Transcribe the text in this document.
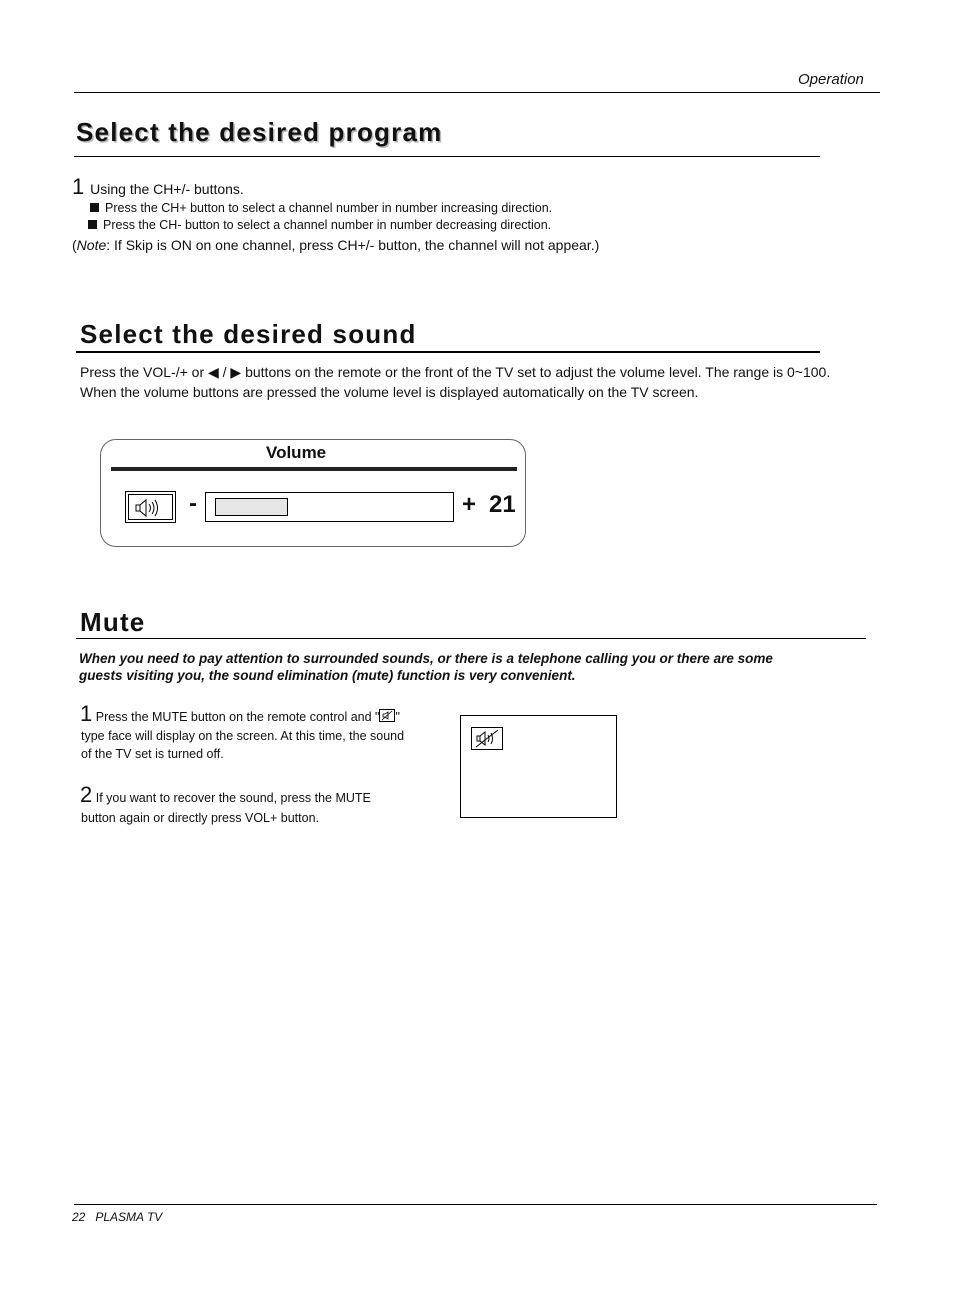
Operation
Select the desired program
1 Using the CH+/- buttons.
Press the CH+ button to select a channel number in number increasing direction.
Press the CH- button to select a channel number in number decreasing direction.
(Note: If Skip is ON on one channel, press CH+/- button, the channel will not appear.)
Select the desired sound
Press the VOL-/+ or ◀ / ▶ buttons on the remote or the front of the TV set to adjust the volume level. The range is 0~100.
When the volume buttons are pressed the volume level is displayed automatically on the TV screen.
Volume
-	+ 21
Mute
When you need to pay attention to surrounded sounds, or there is a telephone calling you or there are some
guests visiting you, the sound elimination (mute) function is very convenient.
1 Press the MUTE button on the remote control and " "
type face will display on the screen. At this time, the sound
of the TV set is turned off.
2 If you want to recover the sound, press the MUTE
button again or directly press VOL+ button.
22 PLASMA TV
